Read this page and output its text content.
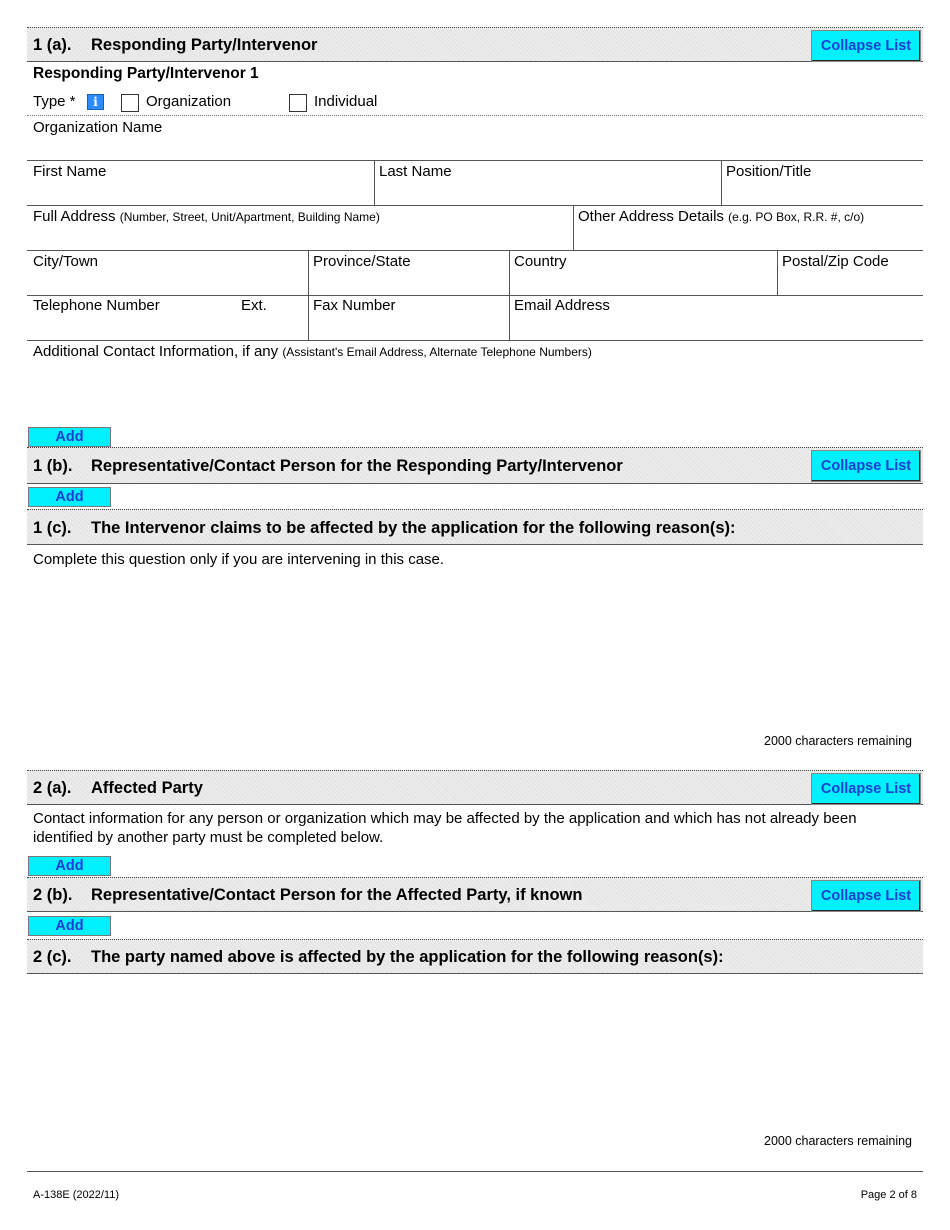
1 (a). Responding Party/Intervenor	Collapse List
Responding Party/Intervenor 1
Type *	i	Organization	Individual
Organization Name
First Name	Last Name	Position/Title
Full Address (Number, Street, Unit/Apartment, Building Name)	Other Address Details (e.g. PO Box, R.R. #, c/o)
City/Town	Province/State	Country	Postal/Zip Code
Telephone Number	Ext.	Fax Number	Email Address
Additional Contact Information, if any (Assistant's Email Address, Alternate Telephone Numbers)
Add
1 (b). Representative/Contact Person for the Responding Party/Intervenor	Collapse List
Add
1 (c). The Intervenor claims to be affected by the application for the following reason(s):
Complete this question only if you are intervening in this case.
2000 characters remaining
2 (a). Affected Party	Collapse List
Contact information for any person or organization which may be affected by the application and which has not already been
identified by another party must be completed below.
Add
2 (b). Representative/Contact Person for the Affected Party, if known	Collapse List
Add
2 (c). The party named above is affected by the application for the following reason(s):
2000 characters remaining
A-138E (2022/11)	Page 2 of 8
